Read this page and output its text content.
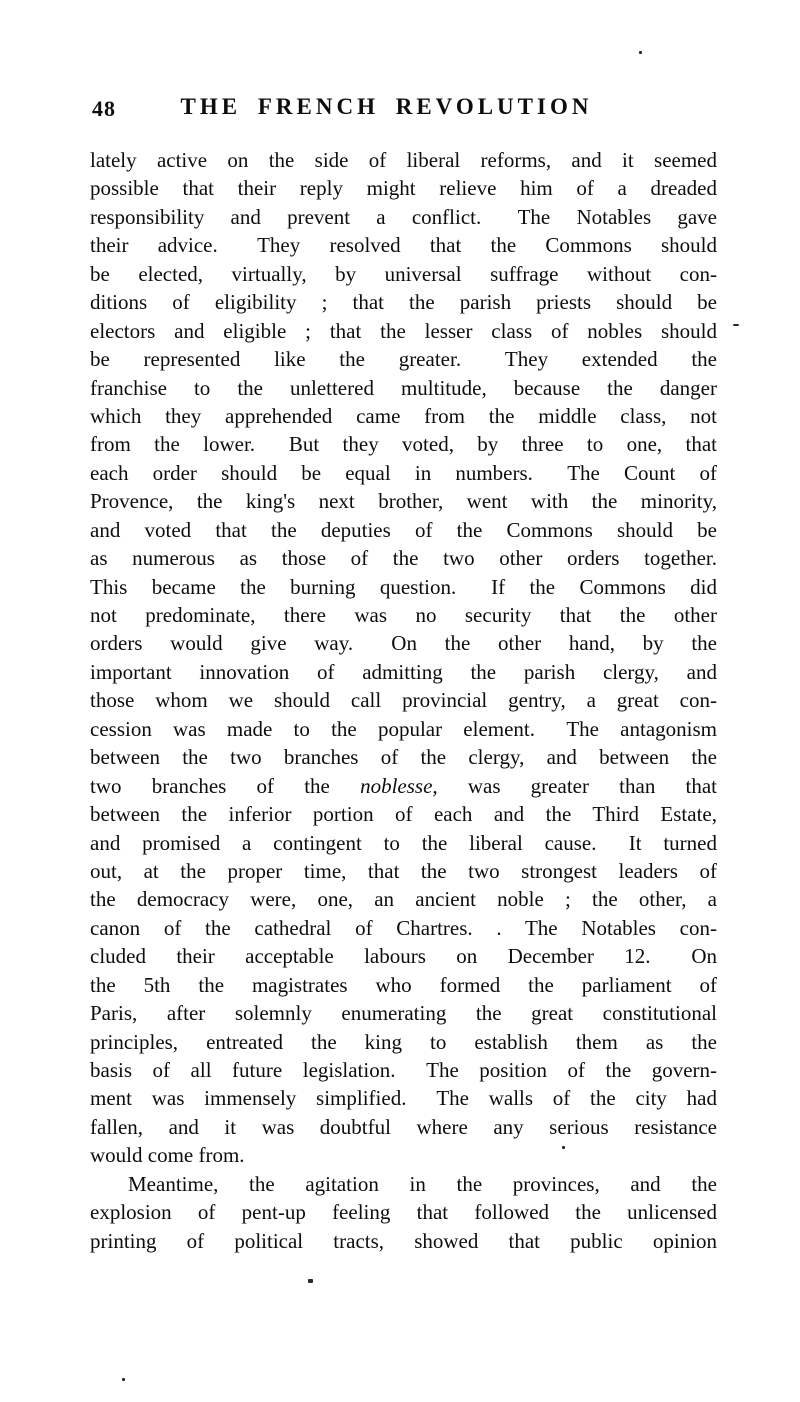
48	THE FRENCH REVOLUTION
lately active on the side of liberal reforms, and it seemed
possible that their reply might relieve him of a dreaded
responsibility and prevent a conflict.  The Notables gave
their advice.  They resolved that the Commons should
be elected, virtually, by universal suffrage without con-
ditions of eligibility ; that the parish priests should be
electors and eligible ; that the lesser class of nobles should
be represented like the greater.  They extended the
franchise to the unlettered multitude, because the danger
which they apprehended came from the middle class, not
from the lower.  But they voted, by three to one, that
each order should be equal in numbers.  The Count of
Provence, the king's next brother, went with the minority,
and voted that the deputies of the Commons should be
as numerous as those of the two other orders together.
This became the burning question.  If the Commons did
not predominate, there was no security that the other
orders would give way.  On the other hand, by the
important innovation of admitting the parish clergy, and
those whom we should call provincial gentry, a great con-
cession was made to the popular element.  The antagonism
between the two branches of the clergy, and between the
two branches of the noblesse, was greater than that
between the inferior portion of each and the Third Estate,
and promised a contingent to the liberal cause.  It turned
out, at the proper time, that the two strongest leaders of
the democracy were, one, an ancient noble ; the other, a
canon of the cathedral of Chartres. . The Notables con-
cluded their acceptable labours on December 12.  On
the 5th the magistrates who formed the parliament of
Paris, after solemnly enumerating the great constitutional
principles, entreated the king to establish them as the
basis of all future legislation.  The position of the govern-
ment was immensely simplified.  The walls of the city had
fallen, and it was doubtful where any serious resistance
would come from.
Meantime, the agitation in the provinces, and the
explosion of pent-up feeling that followed the unlicensed
printing of political tracts, showed that public opinion
